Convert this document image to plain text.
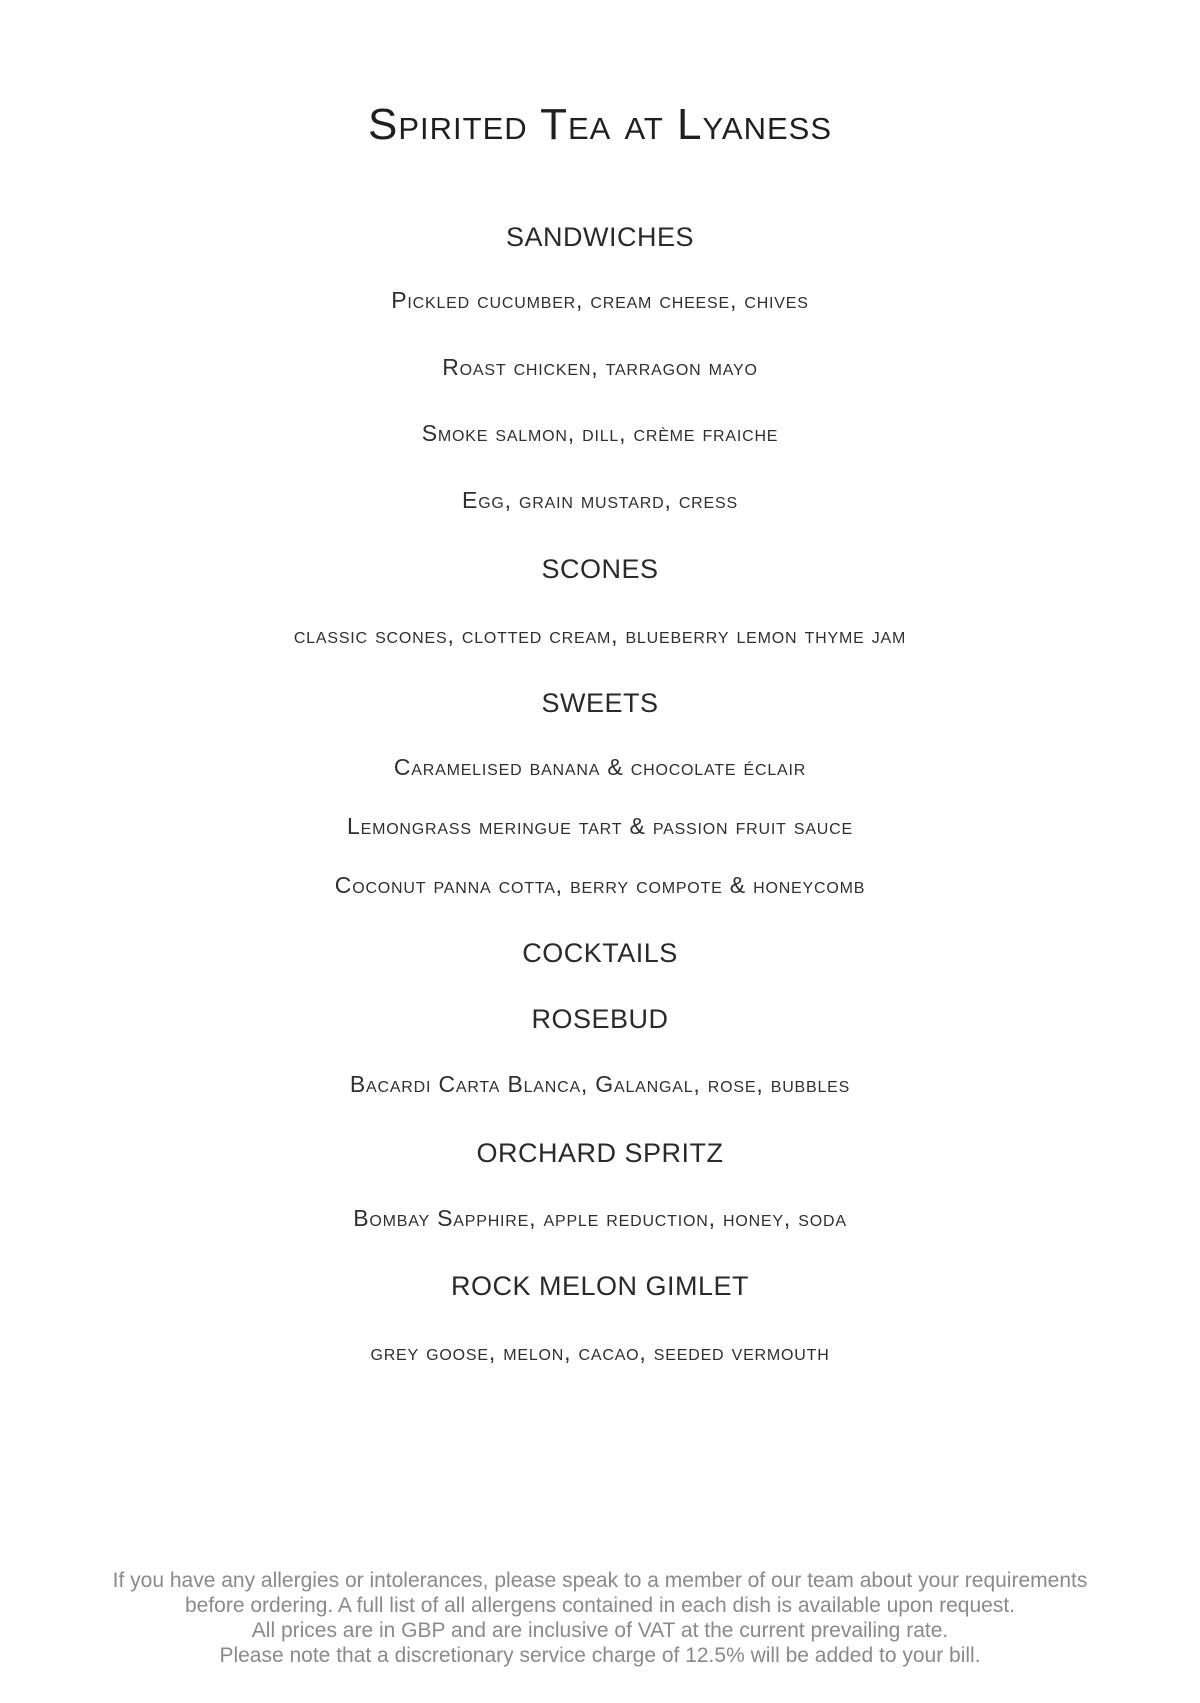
Spirited Tea at Lyaness
SANDWICHES
Pickled cucumber, cream cheese, chives
Roast chicken, tarragon mayo
Smoke salmon, dill, crème fraiche
Egg, grain mustard, cress
SCONES
classic scones, clotted cream, blueberry lemon thyme jam
SWEETS
Caramelised banana & chocolate éclair
Lemongrass meringue tart & passion fruit sauce
Coconut panna cotta, berry compote & honeycomb
COCKTAILS
ROSEBUD
Bacardi Carta Blanca, Galangal, rose, bubbles
ORCHARD SPRITZ
Bombay Sapphire, apple reduction, honey, soda
ROCK MELON GIMLET
grey goose, melon, cacao, seeded vermouth
If you have any allergies or intolerances, please speak to a member of our team about your requirements
before ordering. A full list of all allergens contained in each dish is available upon request.
All prices are in GBP and are inclusive of VAT at the current prevailing rate.
Please note that a discretionary service charge of 12.5% will be added to your bill.
